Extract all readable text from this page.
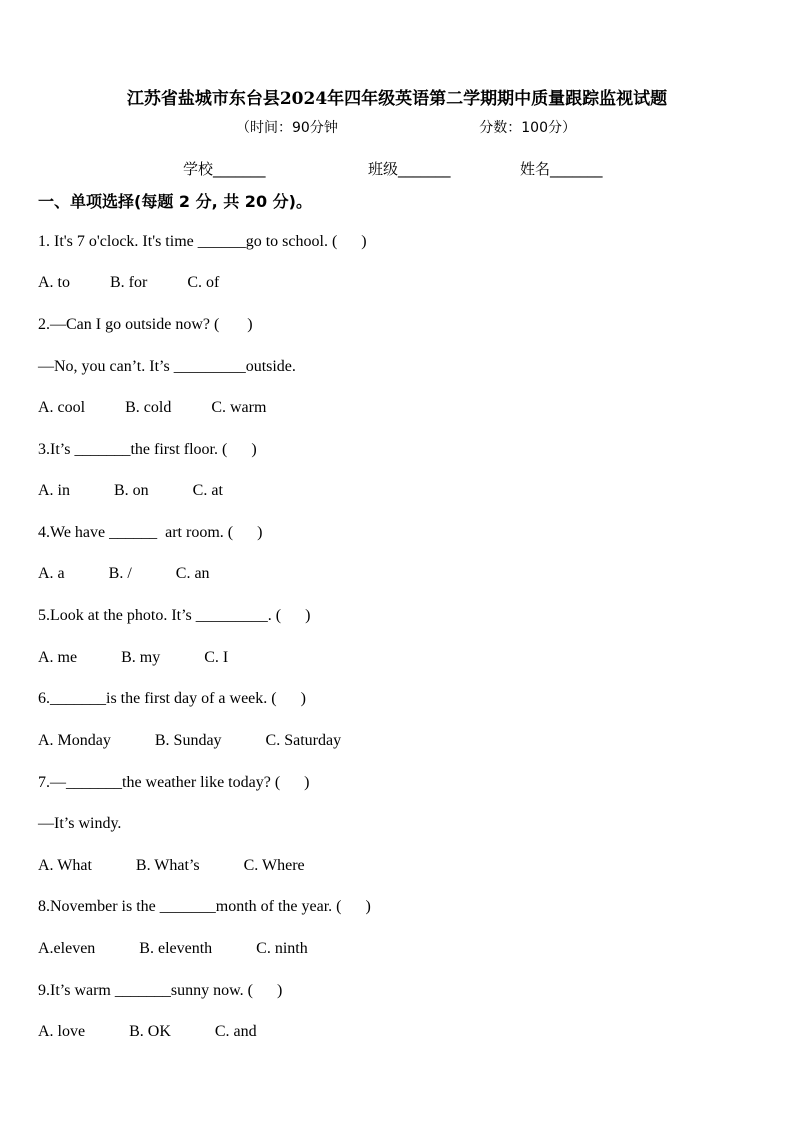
江苏省盐城市东台县2024年四年级英语第二学期期中质量跟踪监视试题
（时间：90分钟	分数：100分）
学校_______	班级_______	姓名_______
一、单项选择(每题 2 分, 共 20 分)。
1. It's 7 o'clock. It's time ______go to school. (      )
A. to          B. for          C. of
2.—Can I go outside now? (       )
—No, you can’t. It’s _________outside.
A. cool          B. cold          C. warm
3.It’s _______the first floor. (      )
A. in           B. on           C. at
4.We have ______  art room. (      )
A. a           B. /           C. an
5.Look at the photo. It’s _________. (      )
A. me           B. my           C. I
6._______is the first day of a week. (      )
A. Monday           B. Sunday           C. Saturday
7.—_______the weather like today? (      )
—It’s windy.
A. What           B. What’s           C. Where
8.November is the _______month of the year. (      )
A.eleven           B. eleventh           C. ninth
9.It’s warm _______sunny now. (      )
A. love           B. OK           C. and
